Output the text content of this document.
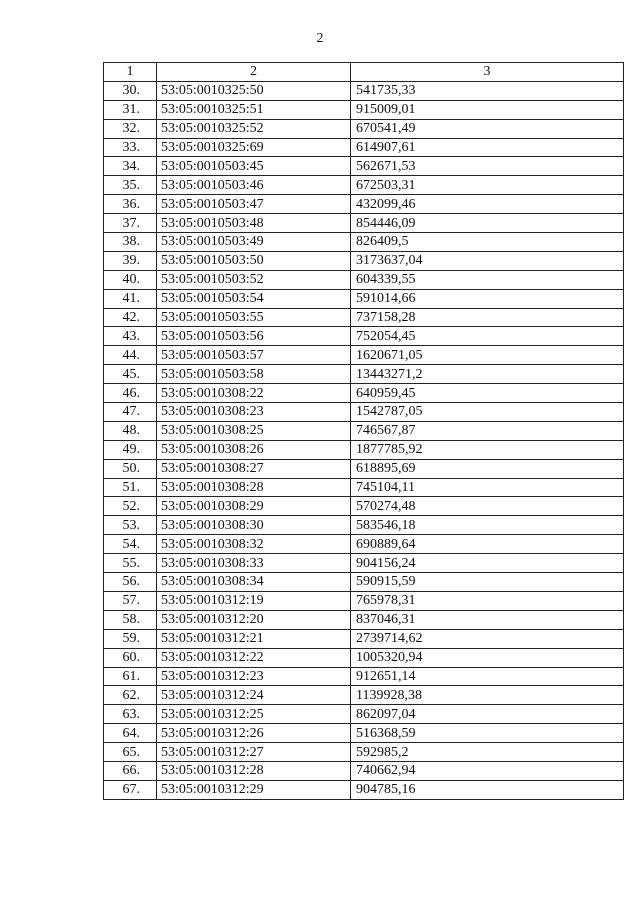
2
1	2	3
30.	53:05:0010325:50	541735,33
31.	53:05:0010325:51	915009,01
32.	53:05:0010325:52	670541,49
33.	53:05:0010325:69	614907,61
34.	53:05:0010503:45	562671,53
35.	53:05:0010503:46	672503,31
36.	53:05:0010503:47	432099,46
37.	53:05:0010503:48	854446,09
38.	53:05:0010503:49	826409,5
39.	53:05:0010503:50	3173637,04
40.	53:05:0010503:52	604339,55
41.	53:05:0010503:54	591014,66
42.	53:05:0010503:55	737158,28
43.	53:05:0010503:56	752054,45
44.	53:05:0010503:57	1620671,05
45.	53:05:0010503:58	13443271,2
46.	53:05:0010308:22	640959,45
47.	53:05:0010308:23	1542787,05
48.	53:05:0010308:25	746567,87
49.	53:05:0010308:26	1877785,92
50.	53:05:0010308:27	618895,69
51.	53:05:0010308:28	745104,11
52.	53:05:0010308:29	570274,48
53.	53:05:0010308:30	583546,18
54.	53:05:0010308:32	690889,64
55.	53:05:0010308:33	904156,24
56.	53:05:0010308:34	590915,59
57.	53:05:0010312:19	765978,31
58.	53:05:0010312:20	837046,31
59.	53:05:0010312:21	2739714,62
60.	53:05:0010312:22	1005320,94
61.	53:05:0010312:23	912651,14
62.	53:05:0010312:24	1139928,38
63.	53:05:0010312:25	862097,04
64.	53:05:0010312:26	516368,59
65.	53:05:0010312:27	592985,2
66.	53:05:0010312:28	740662,94
67.	53:05:0010312:29	904785,16
